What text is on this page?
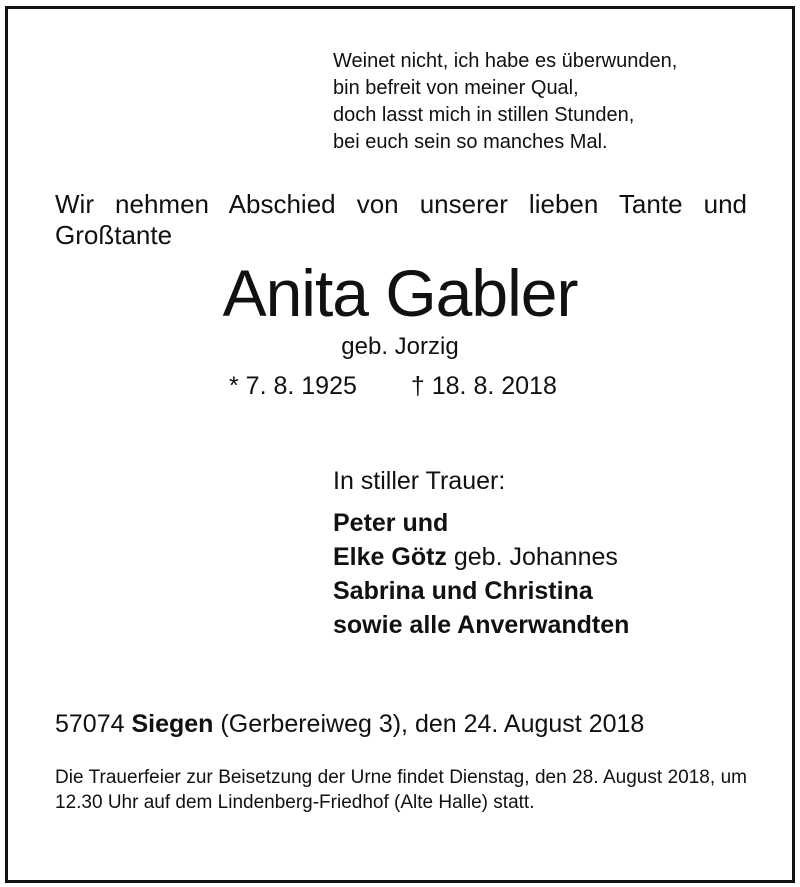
Weinet nicht, ich habe es überwunden,
bin befreit von meiner Qual,
doch lasst mich in stillen Stunden,
bei euch sein so manches Mal.
Wir nehmen Abschied von unserer lieben Tante und Großtante
Anita Gabler
geb. Jorzig
* 7. 8. 1925 † 18. 8. 2018
In stiller Trauer:
Peter und
Elke Götz geb. Johannes
Sabrina und Christina
sowie alle Anverwandten
57074 Siegen (Gerbereiweg 3), den 24. August 2018
Die Trauerfeier zur Beisetzung der Urne findet Dienstag, den 28. August 2018, um 12.30 Uhr auf dem Lindenberg-Friedhof (Alte Halle) statt.
